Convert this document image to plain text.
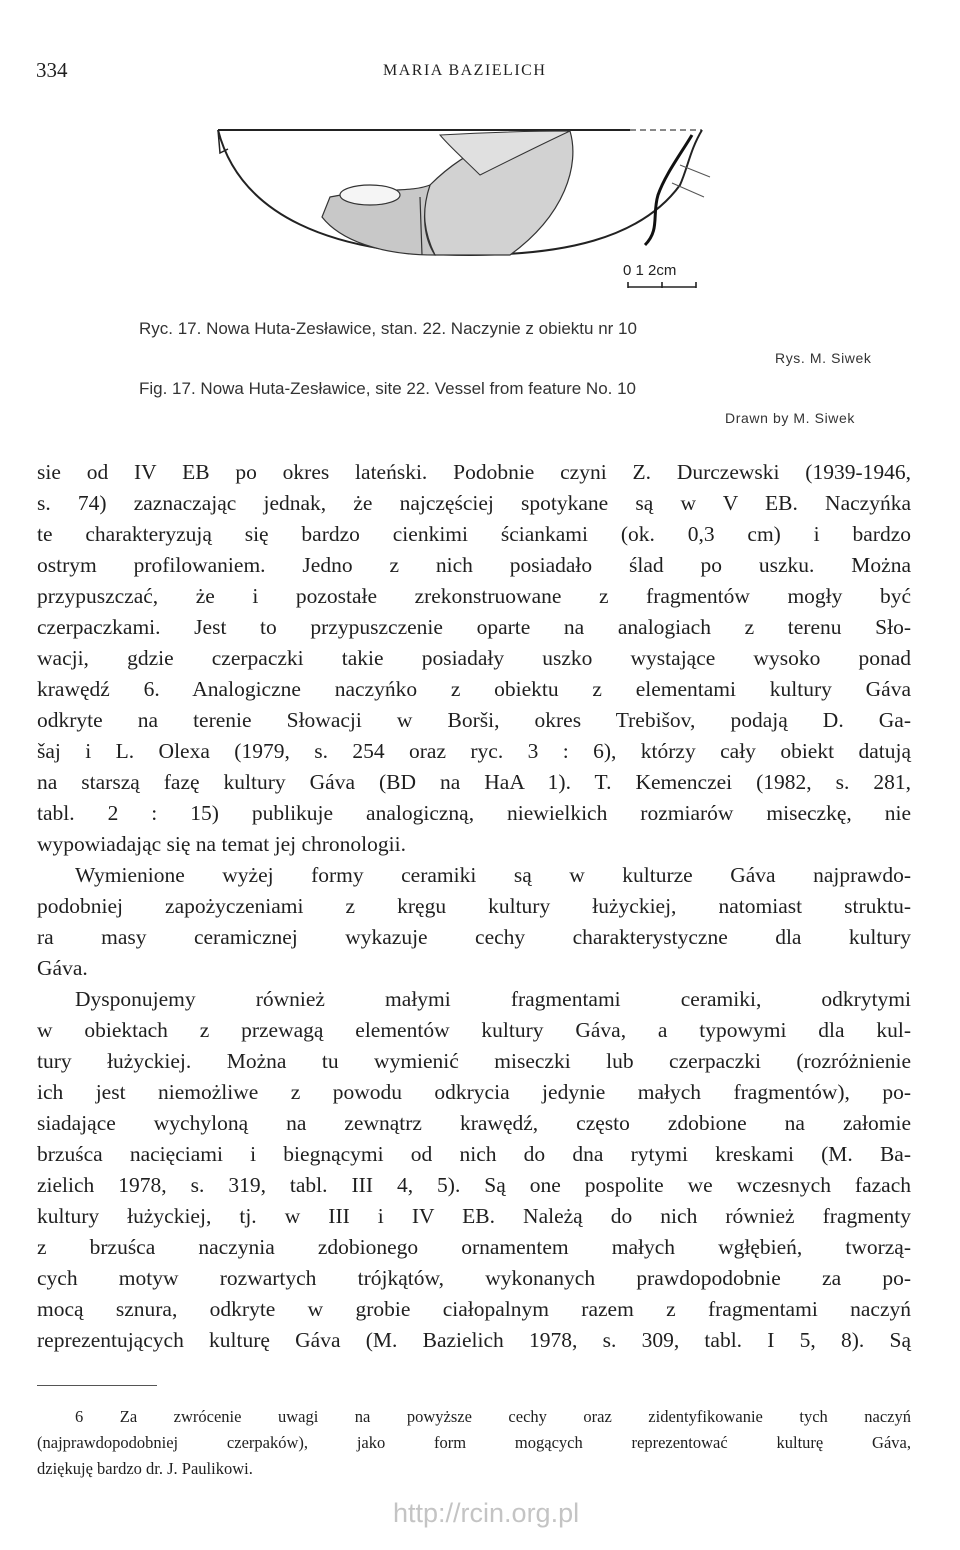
334	MARIA BAZIELICH
0 1 2cm
Ryc. 17. Nowa Huta-Zesławice, stan. 22. Naczynie z obiektu nr 10
Rys. M. Siwek
Fig. 17. Nowa Huta-Zesławice, site 22. Vessel from feature No. 10
Drawn by M. Siwek
sie od IV EB po okres lateński. Podobnie czyni Z. Durczewski (1939-1946,
s. 74) zaznaczając jednak, że najczęściej spotykane są w V EB. Naczyńka
te charakteryzują się bardzo cienkimi ściankami (ok. 0,3 cm) i bardzo
ostrym profilowaniem. Jedno z nich posiadało ślad po uszku. Można
przypuszczać, że i pozostałe zrekonstruowane z fragmentów mogły być
czerpaczkami. Jest to przypuszczenie oparte na analogiach z terenu Sło-
wacji, gdzie czerpaczki takie posiadały uszko wystające wysoko ponad
krawędź 6. Analogiczne naczyńko z obiektu z elementami kultury Gáva
odkryte na terenie Słowacji w Borši, okres Trebišov, podają D. Ga-
šaj i L. Olexa (1979, s. 254 oraz ryc. 3 : 6), którzy cały obiekt datują
na starszą fazę kultury Gáva (BD na HaA 1). T. Kemenczei (1982, s. 281,
tabl. 2 : 15) publikuje analogiczną, niewielkich rozmiarów miseczkę, nie
wypowiadając się na temat jej chronologii.
Wymienione wyżej formy ceramiki są w kulturze Gáva najprawdo-
podobniej zapożyczeniami z kręgu kultury łużyckiej, natomiast struktu-
ra masy ceramicznej wykazuje cechy charakterystyczne dla kultury
Gáva.
Dysponujemy również małymi fragmentami ceramiki, odkrytymi
w obiektach z przewagą elementów kultury Gáva, a typowymi dla kul-
tury łużyckiej. Można tu wymienić miseczki lub czerpaczki (rozróżnienie
ich jest niemożliwe z powodu odkrycia jedynie małych fragmentów), po-
siadające wychyloną na zewnątrz krawędź, często zdobione na załomie
brzuśca nacięciami i biegnącymi od nich do dna rytymi kreskami (M. Ba-
zielich 1978, s. 319, tabl. III 4, 5). Są one pospolite we wczesnych fazach
kultury łużyckiej, tj. w III i IV EB. Należą do nich również fragmenty
z brzuśca naczynia zdobionego ornamentem małych wgłębień, tworzą-
cych motyw rozwartych trójkątów, wykonanych prawdopodobnie za po-
mocą sznura, odkryte w grobie ciałopalnym razem z fragmentami naczyń
reprezentujących kulturę Gáva (M. Bazielich 1978, s. 309, tabl. I 5, 8). Są
6 Za zwrócenie uwagi na powyższe cechy oraz zidentyfikowanie tych naczyń
(najprawdopodobniej czerpaków), jako form mogących reprezentować kulturę Gáva,
dziękuję bardzo dr. J. Paulikowi.
http://rcin.org.pl
